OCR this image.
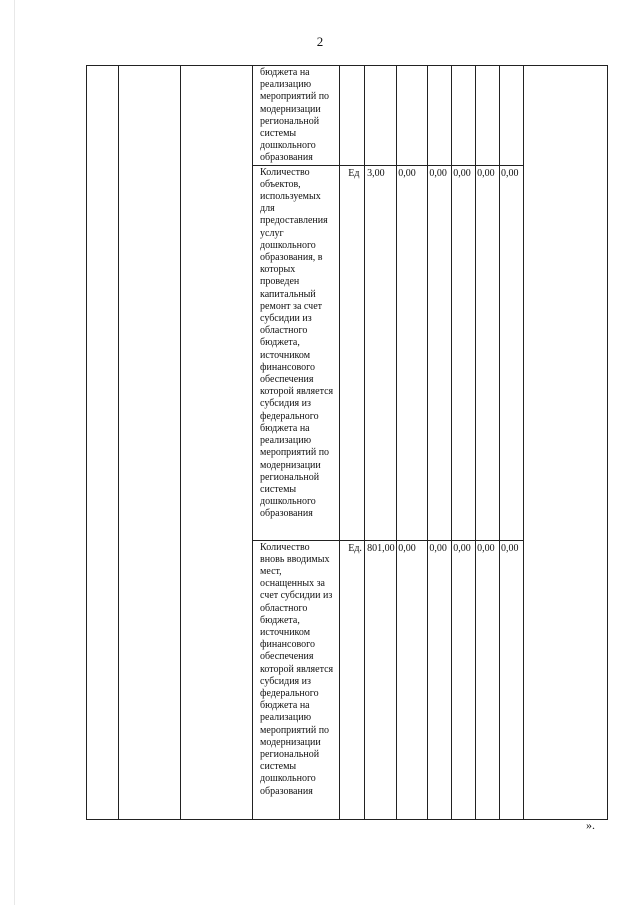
2

			бюджета на реализацию мероприятий по модернизации региональной системы дошкольного образования								

			Количество объектов, используемых для предоставления услуг дошкольного образования, в которых проведен капитальный ремонт за счет субсидии из областного бюджета, источником финансового обеспечения которой является субсидия из федерального бюджета на реализацию мероприятий по модернизации региональной системы дошкольного образования	Ед	3,00	0,00	0,00	0,00	0,00	0,00	

			Количество вновь вводимых мест, оснащенных за счет субсидии из областного бюджета, источником финансового обеспечения которой является субсидия из федерального бюджета на реализацию мероприятий по модернизации региональной системы дошкольного образования	Ед.	801,00	0,00	0,00	0,00	0,00	0,00	
».
